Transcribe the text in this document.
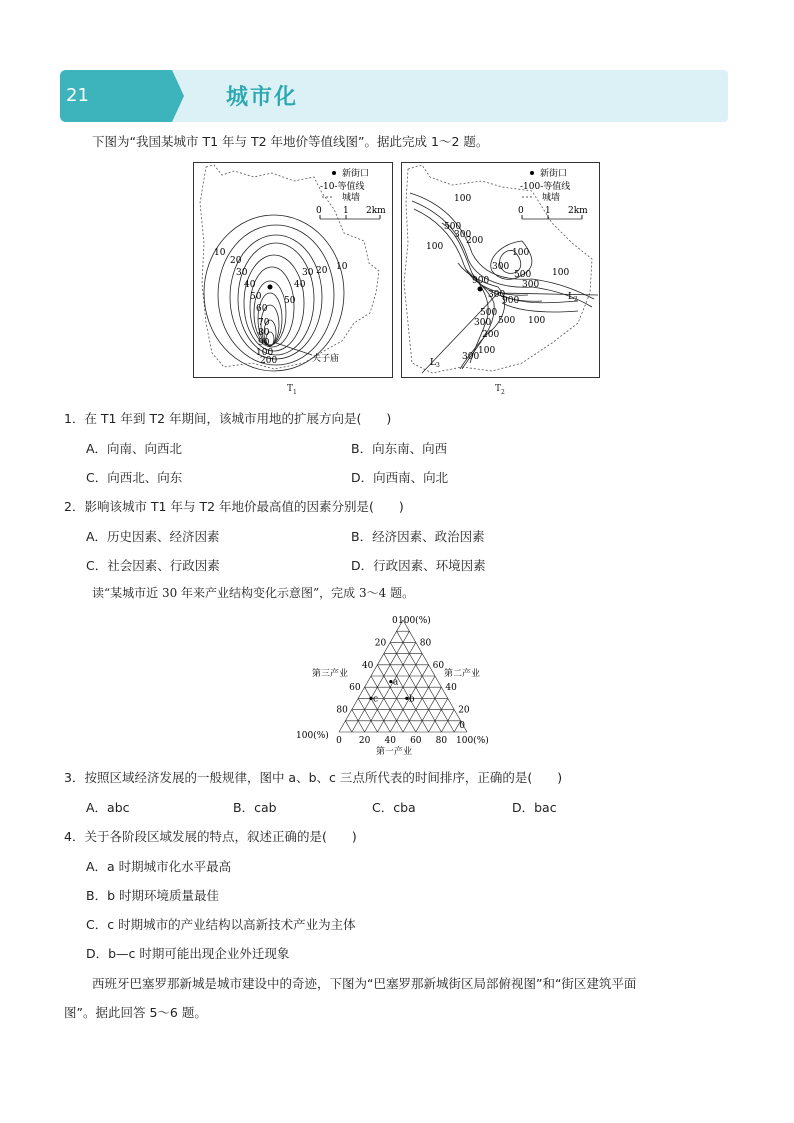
21	城市化
下图为“我国某城市 T1 年与 T2 年地价等值线图”。据此完成 1～2 题。
10
20
30
40
50
60
70
80
90
100
200
50
40
30 20 10
夫子庙
新街口
-10-等值线
城墙
0 1 2km
$T_1$
100
100
100
500
300
200
300
500
300
900
900
500
300
200
100
300
500
300
100
100
$L_2$
$L_3$
新街口
-100-等值线
城墙
0 1 2km
$T_2$
1．在 T1 年到 T2 年期间，该城市用地的扩展方向是(　　)
A．向南、向西北	B．向东南、向西
C．向西北、向东	D．向西南、向北
2．影响该城市 T1 年与 T2 年地价最高值的因素分别是(　　)
A．历史因素、经济因素	B．经济因素、政治因素
C．社会因素、行政因素	D．行政因素、环境因素
读“某城市近 30 年来产业结构变化示意图”，完成 3～4 题。
20
40
60
80
80
60
40
20
0 20 40 60 80
0
a
b
c
100(%)
0
100(%)	100(%)
第三产业	第二产业
第一产业
3．按照区域经济发展的一般规律，图中 a、b、c 三点所代表的时间排序，正确的是(　　)
A．abc	B．cab	C．cba	D．bac
4．关于各阶段区域发展的特点，叙述正确的是(　　)
A．a 时期城市化水平最高
B．b 时期环境质量最佳
C．c 时期城市的产业结构以高新技术产业为主体
D．b—c 时期可能出现企业外迁现象
西班牙巴塞罗那新城是城市建设中的奇迹，下图为“巴塞罗那新城街区局部俯视图”和“街区建筑平面
图”。据此回答 5～6 题。
